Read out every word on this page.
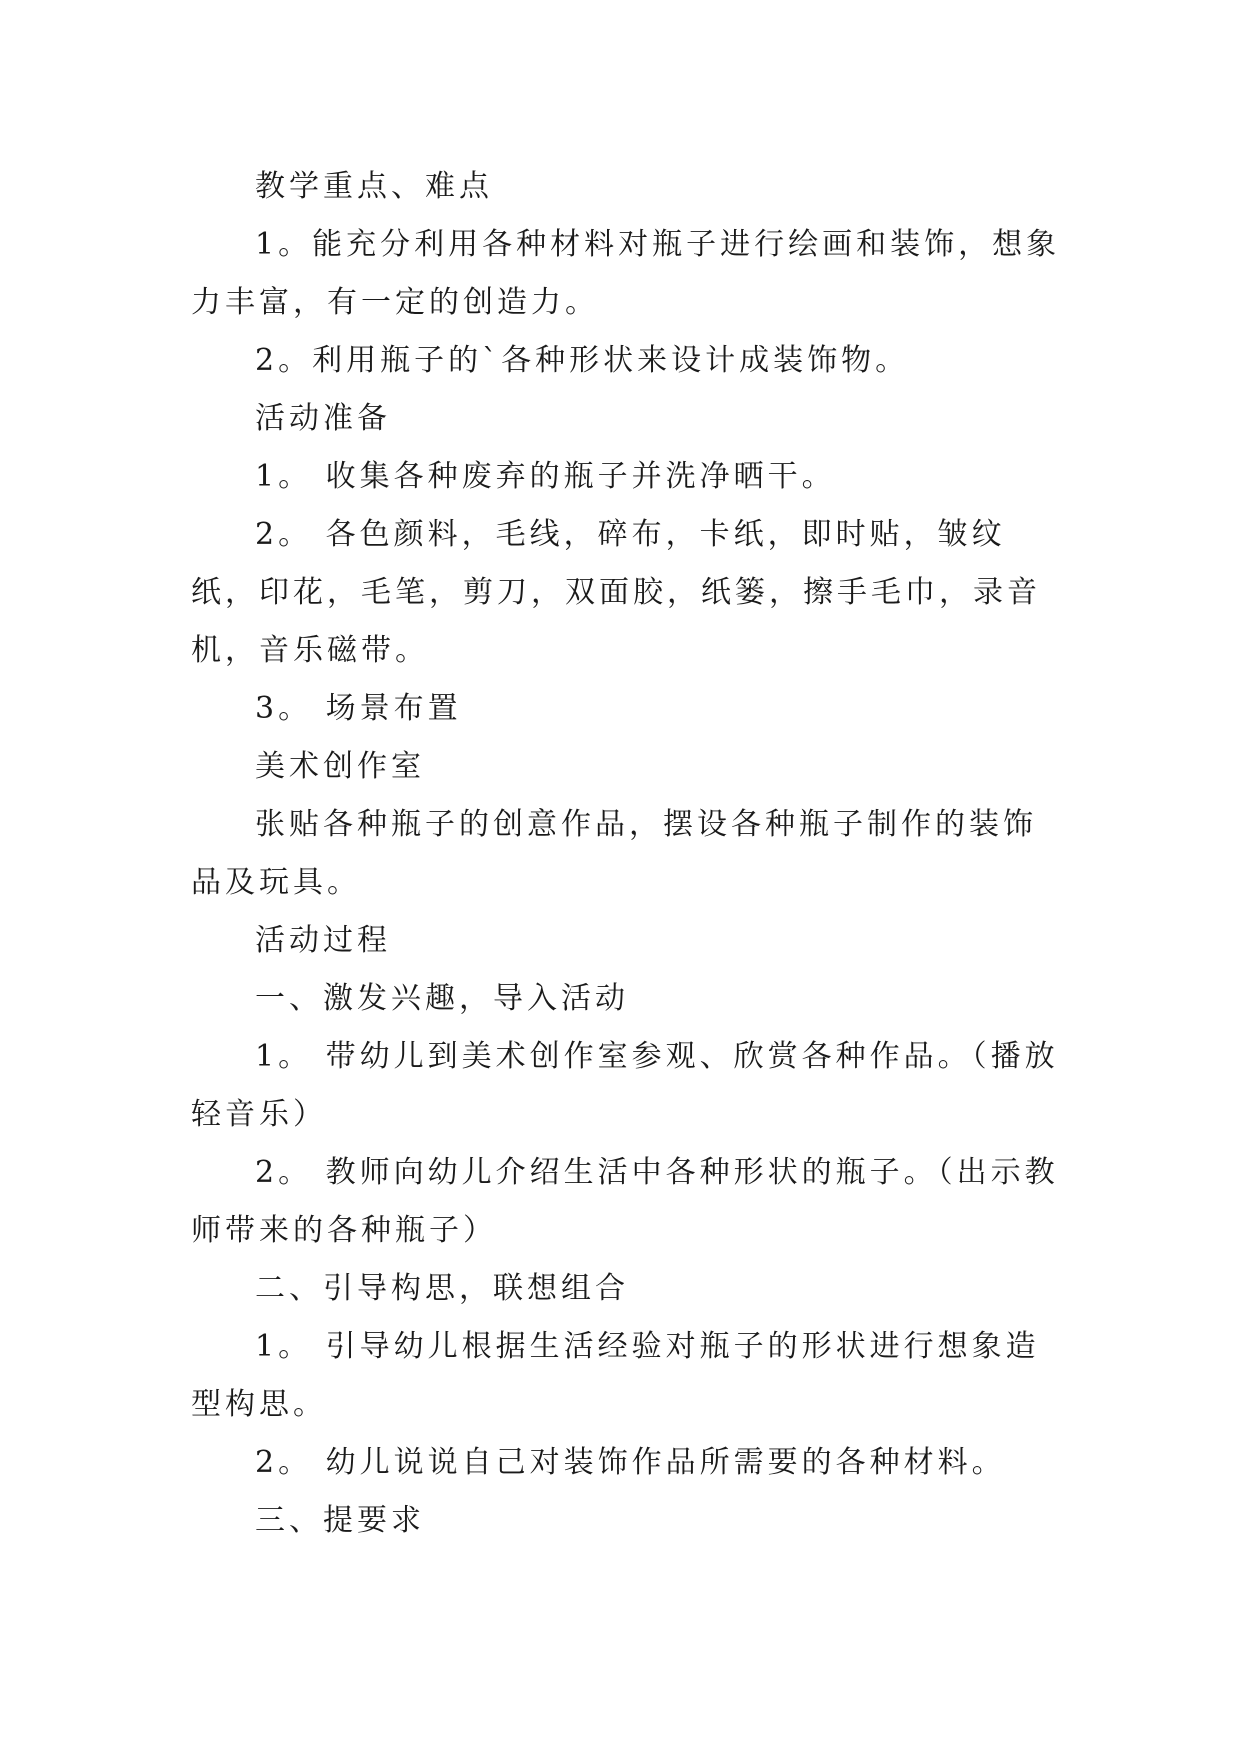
教学重点、难点

1。能充分利用各种材料对瓶子进行绘画和装饰，想象力丰富，有一定的创造力。

2。利用瓶子的`各种形状来设计成装饰物。

活动准备

1。 收集各种废弃的瓶子并洗净晒干。

2。 各色颜料，毛线，碎布，卡纸，即时贴，皱纹纸，印花，毛笔，剪刀，双面胶，纸篓，擦手毛巾，录音机，音乐磁带。

3。 场景布置

美术创作室

张贴各种瓶子的创意作品，摆设各种瓶子制作的装饰品及玩具。

活动过程

一、激发兴趣，导入活动

1。 带幼儿到美术创作室参观、欣赏各种作品。（播放轻音乐）

2。 教师向幼儿介绍生活中各种形状的瓶子。（出示教师带来的各种瓶子）

二、引导构思，联想组合

1。 引导幼儿根据生活经验对瓶子的形状进行想象造型构思。

2。 幼儿说说自己对装饰作品所需要的各种材料。

三、提要求
